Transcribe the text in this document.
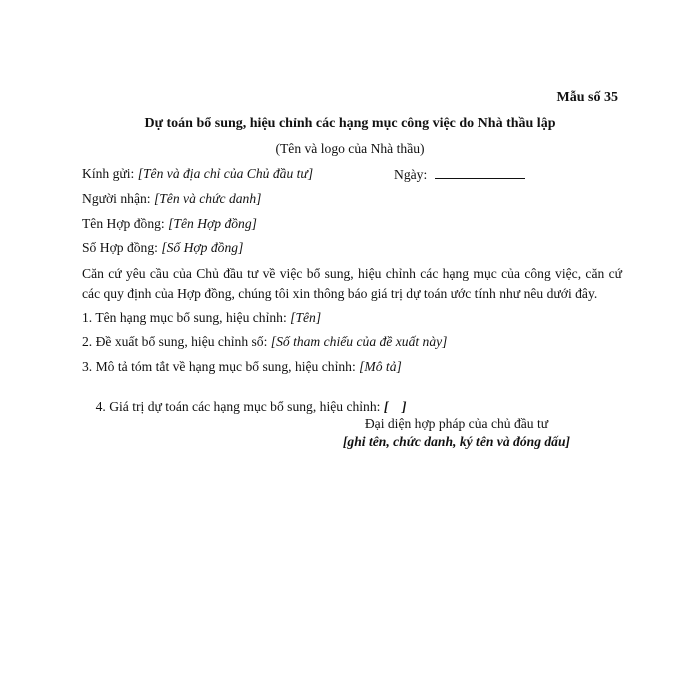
Mẫu số 35
Dự toán bổ sung, hiệu chỉnh các hạng mục công việc do Nhà thầu lập
(Tên và logo của Nhà thầu)
Kính gửi: [Tên và địa chỉ của Chủ đầu tư]	Ngày:
Người nhận: [Tên và chức danh]
Tên Hợp đồng: [Tên Hợp đồng]
Số Hợp đồng: [Số Hợp đồng]
Căn cứ yêu cầu của Chủ đầu tư về việc bổ sung, hiệu chỉnh các hạng mục của công việc, căn cứ các quy định của Hợp đồng, chúng tôi xin thông báo giá trị dự toán ước tính như nêu dưới đây.
1. Tên hạng mục bổ sung, hiệu chỉnh: [Tên]
2. Đề xuất bổ sung, hiệu chỉnh số: [Số tham chiếu của đề xuất này]
3. Mô tả tóm tắt về hạng mục bổ sung, hiệu chỉnh: [Mô tả]

4. Giá trị dự toán các hạng mục bổ sung, hiệu chỉnh: [    ]

Đại diện hợp pháp của chủ đầu tư
[ghi tên, chức danh, ký tên và đóng dấu]
